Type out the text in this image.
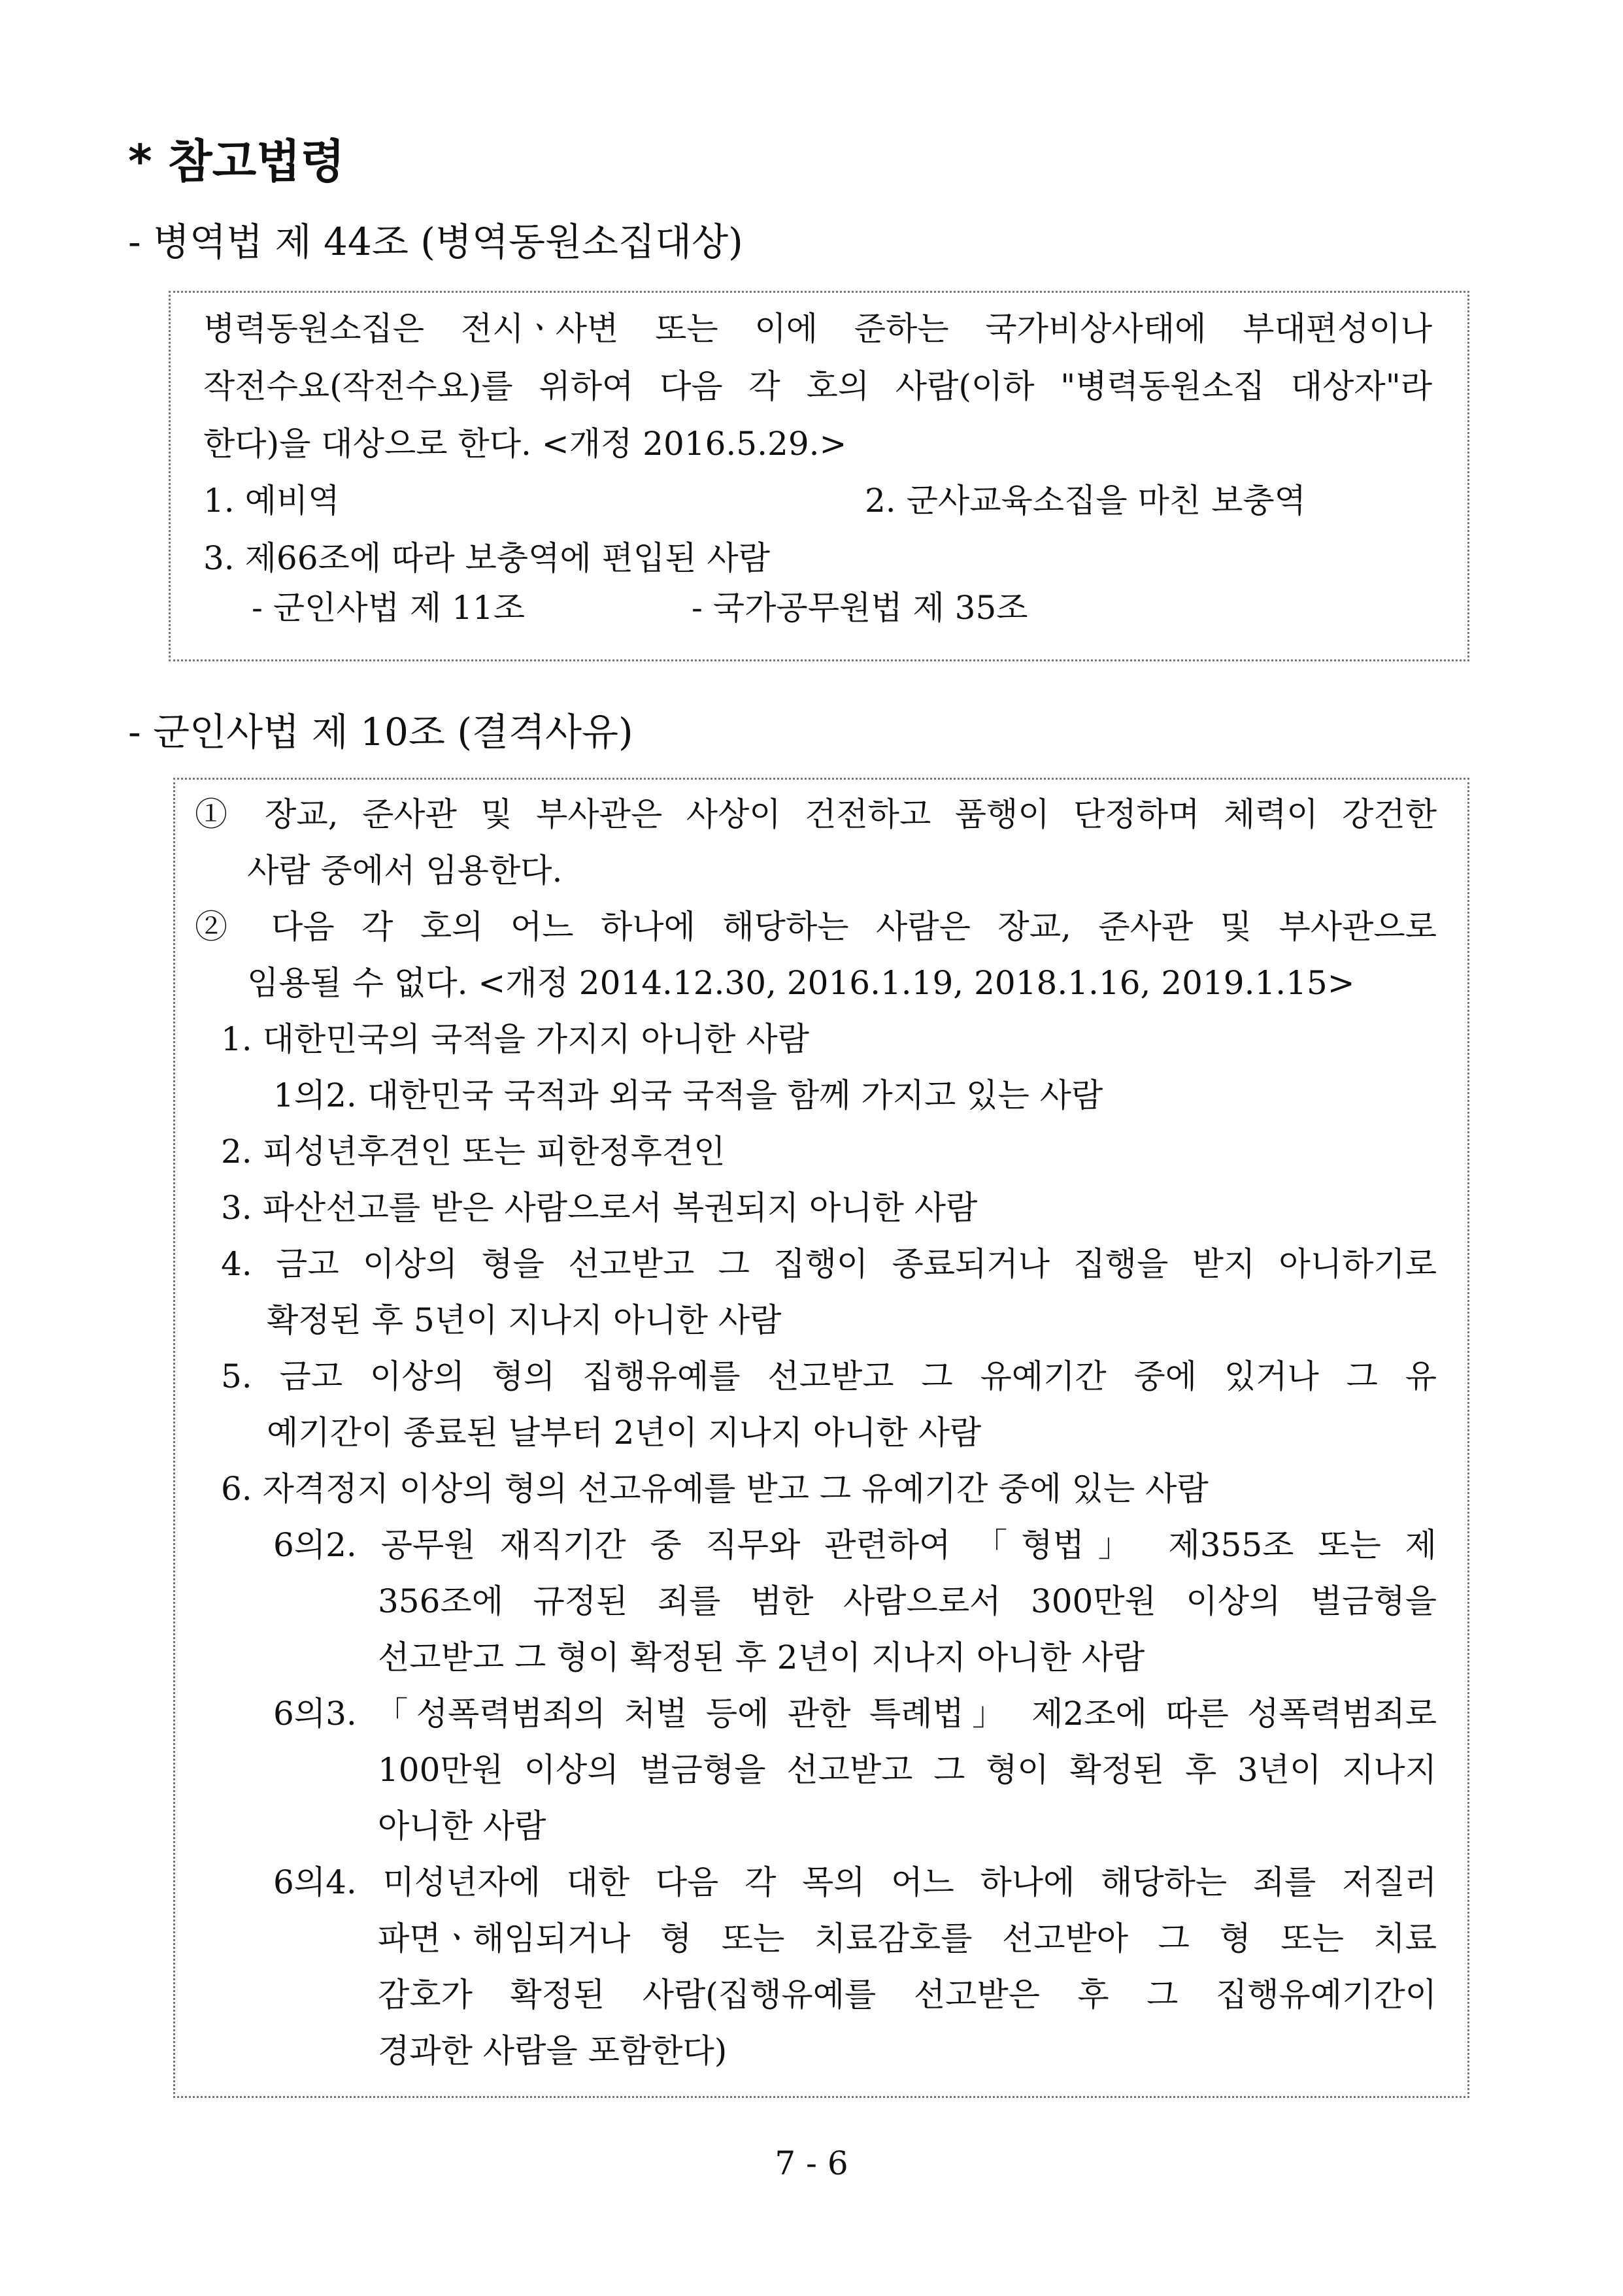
* 참고법령
- 병역법 제 44조 (병역동원소집대상)
병력동원소집은 전시ㆍ사변 또는 이에 준하는 국가비상사태에 부대편성이나
작전수요(작전수요)를 위하여 다음 각 호의 사람(이하 "병력동원소집 대상자"라
한다)을 대상으로 한다. <개정 2016.5.29.>
1. 예비역	2. 군사교육소집을 마친 보충역
3. 제66조에 따라 보충역에 편입된 사람
- 군인사법 제 11조	- 국가공무원법 제 35조
- 군인사법 제 10조 (결격사유)
① 장교, 준사관 및 부사관은 사상이 건전하고 품행이 단정하며 체력이 강건한
사람 중에서 임용한다.
② 다음 각 호의 어느 하나에 해당하는 사람은 장교, 준사관 및 부사관으로
임용될 수 없다. <개정 2014.12.30, 2016.1.19, 2018.1.16, 2019.1.15>
1. 대한민국의 국적을 가지지 아니한 사람
1의2. 대한민국 국적과 외국 국적을 함께 가지고 있는 사람
2. 피성년후견인 또는 피한정후견인
3. 파산선고를 받은 사람으로서 복권되지 아니한 사람
4. 금고 이상의 형을 선고받고 그 집행이 종료되거나 집행을 받지 아니하기로
확정된 후 5년이 지나지 아니한 사람
5. 금고 이상의 형의 집행유예를 선고받고 그 유예기간 중에 있거나 그 유
예기간이 종료된 날부터 2년이 지나지 아니한 사람
6. 자격정지 이상의 형의 선고유예를 받고 그 유예기간 중에 있는 사람
6의2. 공무원 재직기간 중 직무와 관련하여 「형법」 제355조 또는 제
356조에 규정된 죄를 범한 사람으로서 300만원 이상의 벌금형을
선고받고 그 형이 확정된 후 2년이 지나지 아니한 사람
6의3. 「성폭력범죄의 처벌 등에 관한 특례법」 제2조에 따른 성폭력범죄로
100만원 이상의 벌금형을 선고받고 그 형이 확정된 후 3년이 지나지
아니한 사람
6의4. 미성년자에 대한 다음 각 목의 어느 하나에 해당하는 죄를 저질러
파면ㆍ해임되거나 형 또는 치료감호를 선고받아 그 형 또는 치료
감호가 확정된 사람(집행유예를 선고받은 후 그 집행유예기간이
경과한 사람을 포함한다)
7 - 6
